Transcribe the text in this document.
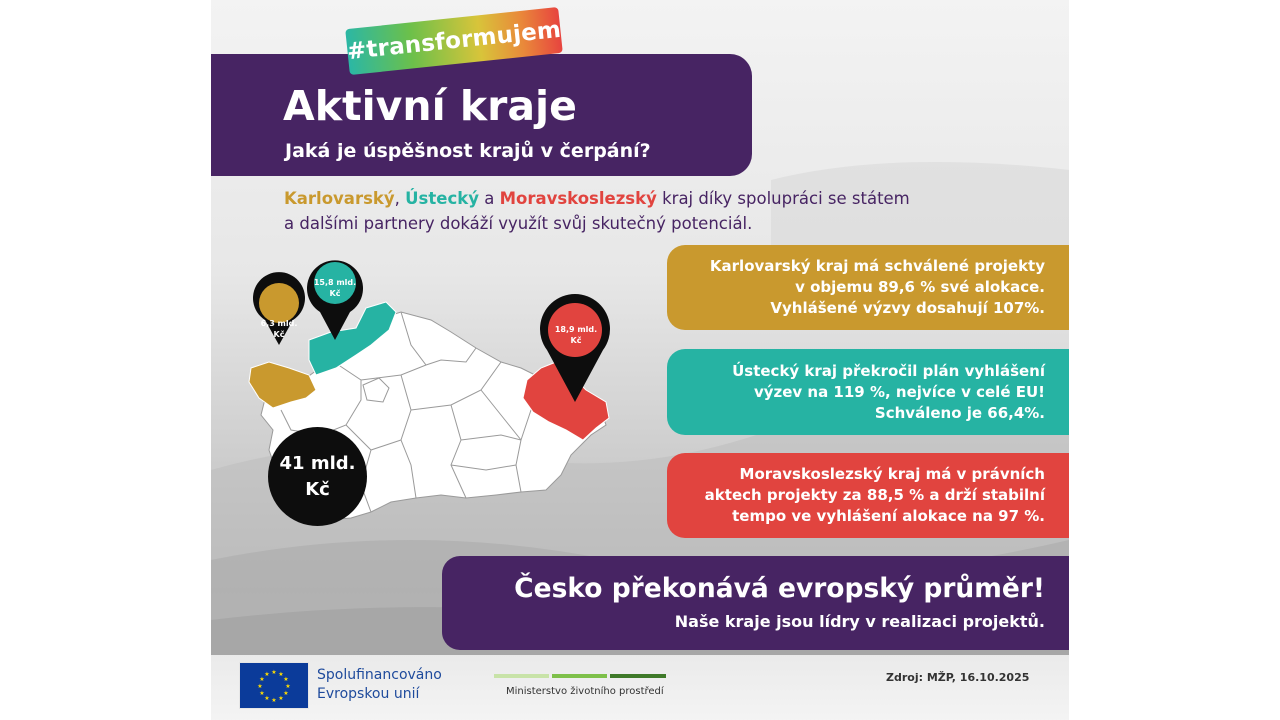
#transformujem
Aktivní kraje
Jaká je úspěšnost krajů v čerpání?
Karlovarský, Ústecký a Moravskoslezský kraj díky spolupráci se státem
a dalšími partnery dokáží využít svůj skutečný potenciál.
6,3 mld.
Kč
15,8 mld.
Kč
18,9 mld.
Kč
41 mld.
Kč
Karlovarský kraj má schválené projekty
v objemu 89,6 % své alokace.
Vyhlášené výzvy dosahují 107%.
Ústecký kraj překročil plán vyhlášení
výzev na 119 %, nejvíce v celé EU!
Schváleno je 66,4%.
Moravskoslezský kraj má v právních
aktech projekty za 88,5 % a drží stabilní
tempo ve vyhlášení alokace na 97 %.
Česko překonává evropský průměr!
Naše kraje jsou lídry v realizaci projektů.
★ ★
★
★
★
★
★
★
★
★
★
★	Spolufinancováno
Evropskou unií	Ministerstvo životního prostředí
Zdroj: MŽP, 16.10.2025
